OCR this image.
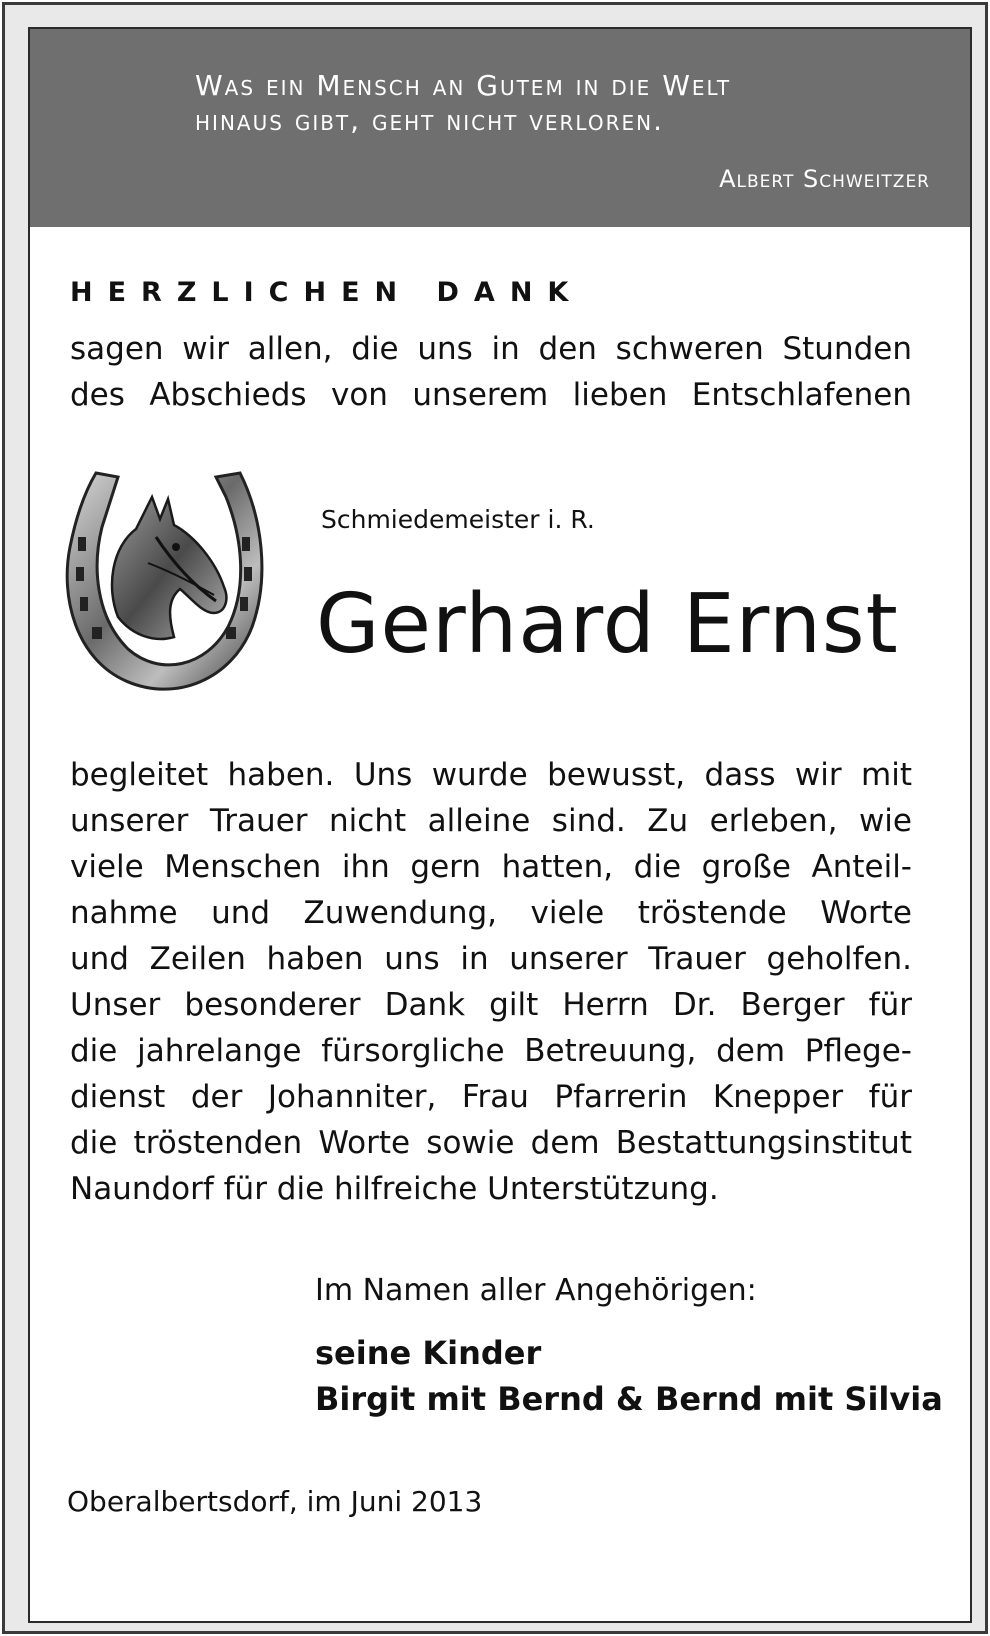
Was ein Mensch an Gutem in die Welt
hinaus gibt, geht nicht verloren.
Albert Schweitzer
HERZLICHEN DANK
sagen wir allen, die uns in den schweren Stunden
des Abschieds von unserem lieben Entschlafenen
Schmiedemeister i. R.
Gerhard Ernst
begleitet haben. Uns wurde bewusst, dass wir mit
unserer Trauer nicht alleine sind. Zu erleben, wie
viele Menschen ihn gern hatten, die große Anteil-
nahme und Zuwendung, viele tröstende Worte
und Zeilen haben uns in unserer Trauer geholfen.
Unser besonderer Dank gilt Herrn Dr. Berger für
die jahrelange fürsorgliche Betreuung, dem Pflege-
dienst der Johanniter, Frau Pfarrerin Knepper für
die tröstenden Worte sowie dem Bestattungsinstitut
Naundorf für die hilfreiche Unterstützung.
Im Namen aller Angehörigen:
seine Kinder
Birgit mit Bernd & Bernd mit Silvia
Oberalbertsdorf, im Juni 2013
